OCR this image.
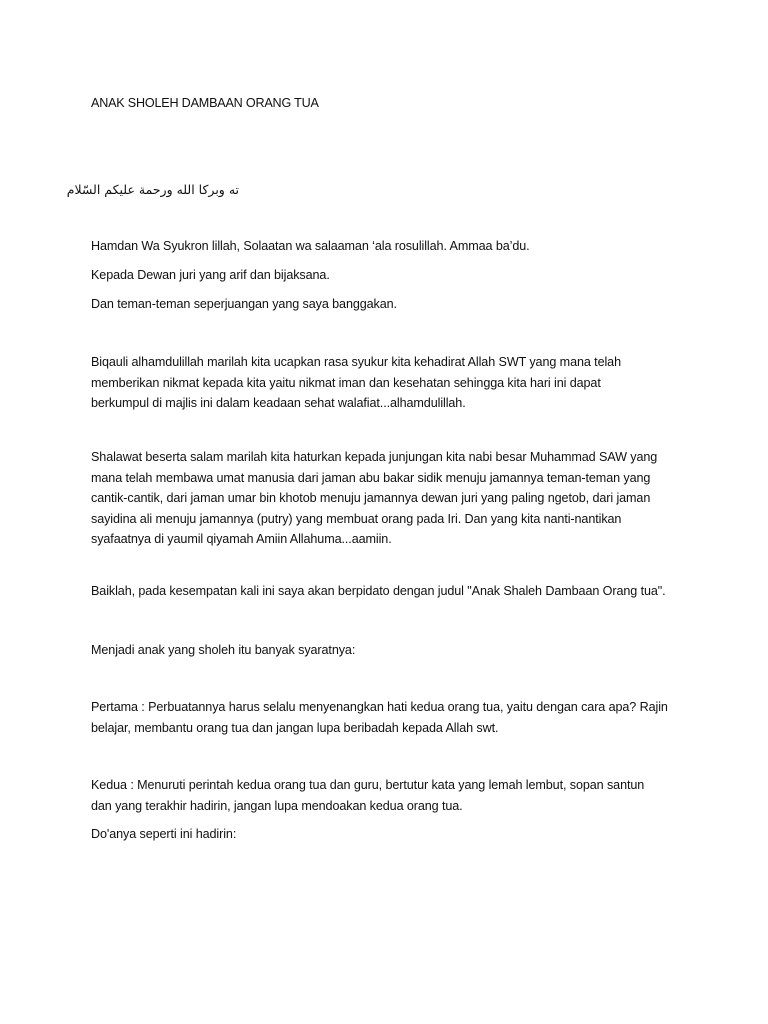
ANAK SHOLEH DAMBAAN ORANG TUA

ته وبركا الله ورحمة عليكم السّلام

Hamdan Wa Syukron lillah, Solaatan wa salaaman ‘ala rosulillah. Ammaa ba’du.

Kepada Dewan juri yang arif dan bijaksana.

Dan teman-teman seperjuangan yang saya banggakan.

Biqauli alhamdulillah marilah kita ucapkan rasa syukur kita kehadirat Allah SWT yang mana telah
memberikan nikmat kepada kita yaitu nikmat iman dan kesehatan sehingga kita hari ini dapat
berkumpul di majlis ini dalam keadaan sehat walafiat...alhamdulillah.

Shalawat beserta salam marilah kita haturkan kepada junjungan kita nabi besar Muhammad SAW yang
mana telah membawa umat manusia dari jaman abu bakar sidik menuju jamannya teman-teman yang
cantik-cantik, dari jaman umar bin khotob menuju jamannya dewan juri yang paling ngetob, dari jaman
sayidina ali menuju jamannya (putry) yang membuat orang pada Iri. Dan yang kita nanti-nantikan
syafaatnya di yaumil qiyamah Amiin Allahuma...aamiin.

Baiklah, pada kesempatan kali ini saya akan berpidato dengan judul "Anak Shaleh Dambaan Orang tua".

Menjadi anak yang sholeh itu banyak syaratnya:

Pertama : Perbuatannya harus selalu menyenangkan hati kedua orang tua, yaitu dengan cara apa? Rajin
belajar, membantu orang tua dan jangan lupa beribadah kepada Allah swt.

Kedua : Menuruti perintah kedua orang tua dan guru, bertutur kata yang lemah lembut, sopan santun
dan yang terakhir hadirin, jangan lupa mendoakan kedua orang tua.

Do'anya seperti ini hadirin:
